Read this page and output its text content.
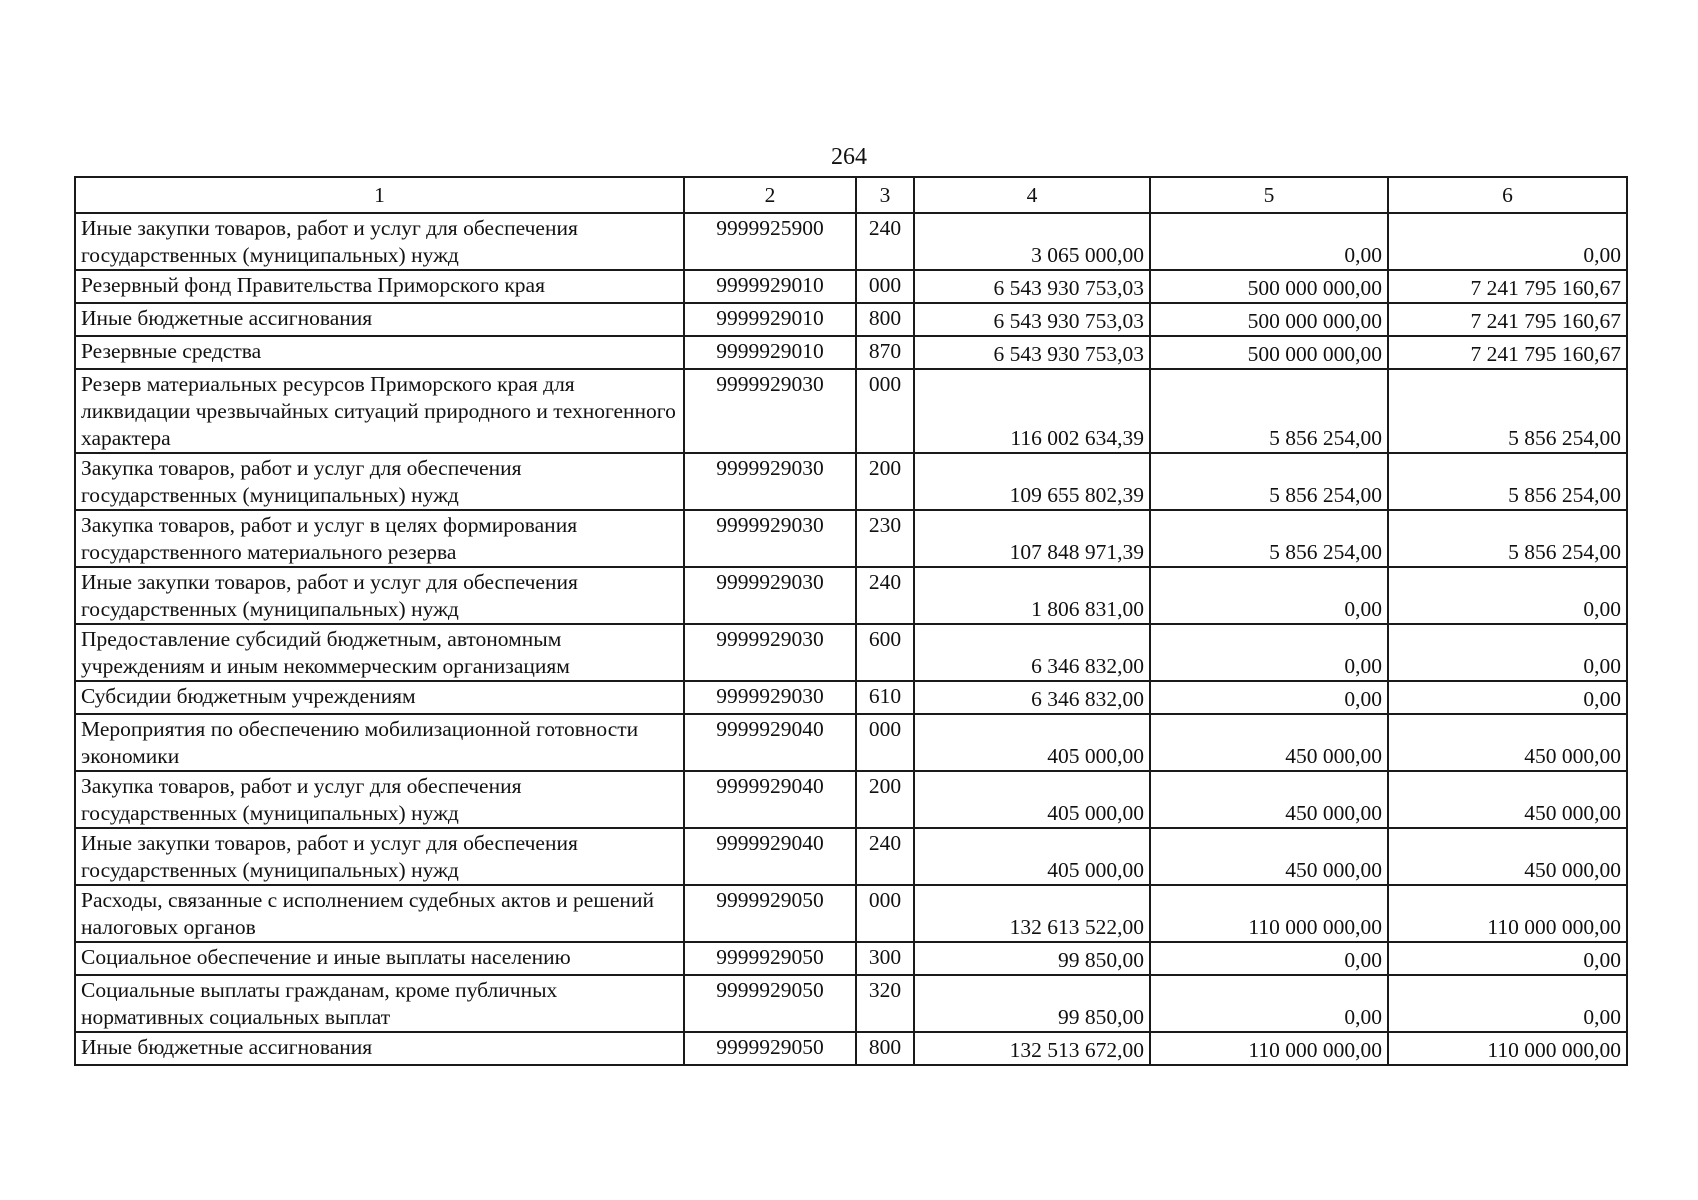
264
1	2	3	4	5	6
Иные закупки товаров, работ и услуг для обеспечения государственных (муниципальных) нужд	9999925900	240	3 065 000,00	0,00	0,00
Резервный фонд Правительства Приморского края	9999929010	000	6 543 930 753,03	500 000 000,00	7 241 795 160,67
Иные бюджетные ассигнования	9999929010	800	6 543 930 753,03	500 000 000,00	7 241 795 160,67
Резервные средства	9999929010	870	6 543 930 753,03	500 000 000,00	7 241 795 160,67
Резерв материальных ресурсов Приморского края для ликвидации чрезвычайных ситуаций природного и техногенного характера	9999929030	000	116 002 634,39	5 856 254,00	5 856 254,00
Закупка товаров, работ и услуг для обеспечения государственных (муниципальных) нужд	9999929030	200	109 655 802,39	5 856 254,00	5 856 254,00
Закупка товаров, работ и услуг в целях формирования государственного материального резерва	9999929030	230	107 848 971,39	5 856 254,00	5 856 254,00
Иные закупки товаров, работ и услуг для обеспечения государственных (муниципальных) нужд	9999929030	240	1 806 831,00	0,00	0,00
Предоставление субсидий бюджетным, автономным учреждениям и иным некоммерческим организациям	9999929030	600	6 346 832,00	0,00	0,00
Субсидии бюджетным учреждениям	9999929030	610	6 346 832,00	0,00	0,00
Мероприятия по обеспечению мобилизационной готовности экономики	9999929040	000	405 000,00	450 000,00	450 000,00
Закупка товаров, работ и услуг для обеспечения государственных (муниципальных) нужд	9999929040	200	405 000,00	450 000,00	450 000,00
Иные закупки товаров, работ и услуг для обеспечения государственных (муниципальных) нужд	9999929040	240	405 000,00	450 000,00	450 000,00
Расходы, связанные с исполнением судебных актов и решений налоговых органов	9999929050	000	132 613 522,00	110 000 000,00	110 000 000,00
Социальное обеспечение и иные выплаты населению	9999929050	300	99 850,00	0,00	0,00
Социальные выплаты гражданам, кроме публичных нормативных социальных выплат	9999929050	320	99 850,00	0,00	0,00
Иные бюджетные ассигнования	9999929050	800	132 513 672,00	110 000 000,00	110 000 000,00
